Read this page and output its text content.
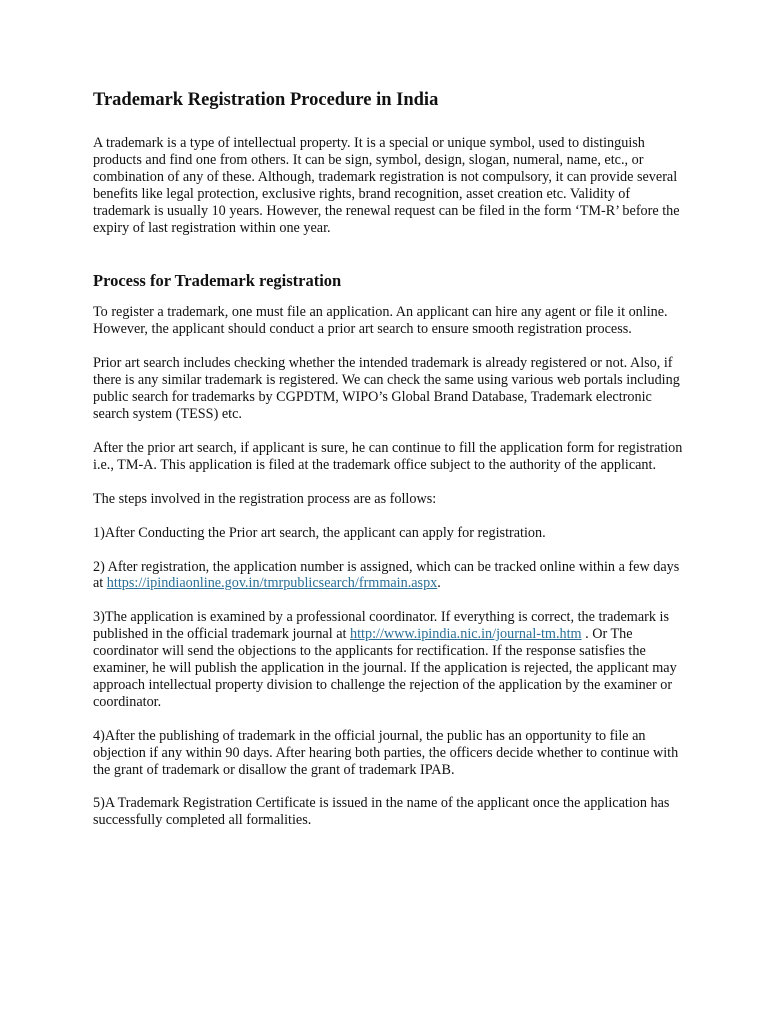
Trademark Registration Procedure in India

A trademark is a type of intellectual property. It is a special or unique symbol, used to distinguish products and find one from others. It can be sign, symbol, design, slogan, numeral, name, etc., or combination of any of these. Although, trademark registration is not compulsory, it can provide several benefits like legal protection, exclusive rights, brand recognition, asset creation etc. Validity of trademark is usually 10 years. However, the renewal request can be filed in the form ‘TM-R’ before the expiry of last registration within one year.

Process for Trademark registration

To register a trademark, one must file an application. An applicant can hire any agent or file it online. However, the applicant should conduct a prior art search to ensure smooth registration process.

Prior art search includes checking whether the intended trademark is already registered or not. Also, if there is any similar trademark is registered. We can check the same using various web portals including public search for trademarks by CGPDTM, WIPO’s Global Brand Database, Trademark electronic search system (TESS) etc.

After the prior art search, if applicant is sure, he can continue to fill the application form for registration i.e., TM-A. This application is filed at the trademark office subject to the authority of the applicant.

The steps involved in the registration process are as follows:

1)After Conducting the Prior art search, the applicant can apply for registration.

2) After registration, the application number is assigned, which can be tracked online within a few days at https://ipindiaonline.gov.in/tmrpublicsearch/frmmain.aspx.

3)The application is examined by a professional coordinator. If everything is correct, the trademark is published in the official trademark journal at http://www.ipindia.nic.in/journal-tm.htm . Or The coordinator will send the objections to the applicants for rectification. If the response satisfies the examiner, he will publish the application in the journal. If the application is rejected, the applicant may approach intellectual property division to challenge the rejection of the application by the examiner or coordinator.

4)After the publishing of trademark in the official journal, the public has an opportunity to file an objection if any within 90 days. After hearing both parties, the officers decide whether to continue with the grant of trademark or disallow the grant of trademark IPAB.

5)A Trademark Registration Certificate is issued in the name of the applicant once the application has successfully completed all formalities.
